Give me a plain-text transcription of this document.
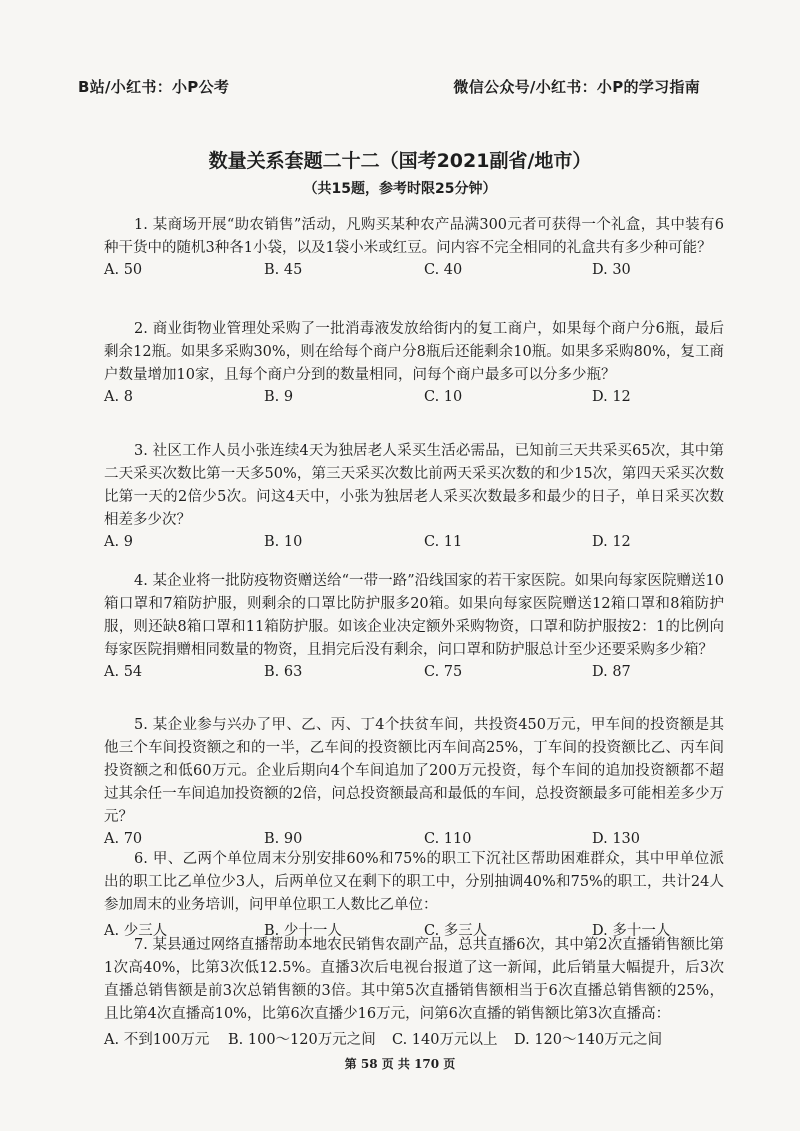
B站/小红书：小P公考	微信公众号/小红书：小P的学习指南
数量关系套题二十二（国考2021副省/地市）
（共15题，参考时限25分钟）

1. 某商场开展“助农销售”活动，凡购买某种农产品满300元者可获得一个礼盒，其中装有6种干货中的随机3种各1小袋，以及1袋小米或红豆。问内容不完全相同的礼盒共有多少种可能？

A. 50	B. 45	C. 40	D. 30

2. 商业街物业管理处采购了一批消毒液发放给街内的复工商户，如果每个商户分6瓶，最后剩余12瓶。如果多采购30%，则在给每个商户分8瓶后还能剩余10瓶。如果多采购80%，复工商户数量增加10家，且每个商户分到的数量相同，问每个商户最多可以分多少瓶？

A. 8	B. 9	C. 10	D. 12

3. 社区工作人员小张连续4天为独居老人采买生活必需品，已知前三天共采买65次，其中第二天采买次数比第一天多50%，第三天采买次数比前两天采买次数的和少15次，第四天采买次数比第一天的2倍少5次。问这4天中，小张为独居老人采买次数最多和最少的日子，单日采买次数相差多少次？

A. 9	B. 10	C. 11	D. 12

4. 某企业将一批防疫物资赠送给“一带一路”沿线国家的若干家医院。如果向每家医院赠送10箱口罩和7箱防护服，则剩余的口罩比防护服多20箱。如果向每家医院赠送12箱口罩和8箱防护服，则还缺8箱口罩和11箱防护服。如该企业决定额外采购物资，口罩和防护服按2：1的比例向每家医院捐赠相同数量的物资，且捐完后没有剩余，问口罩和防护服总计至少还要采购多少箱？

A. 54	B. 63	C. 75	D. 87

5. 某企业参与兴办了甲、乙、丙、丁4个扶贫车间，共投资450万元，甲车间的投资额是其他三个车间投资额之和的一半，乙车间的投资额比丙车间高25%，丁车间的投资额比乙、丙车间投资额之和低60万元。企业后期向4个车间追加了200万元投资，每个车间的追加投资额都不超过其余任一车间追加投资额的2倍，问总投资额最高和最低的车间，总投资额最多可能相差多少万元？

A. 70	B. 90	C. 110	D. 130

6. 甲、乙两个单位周末分别安排60%和75%的职工下沉社区帮助困难群众，其中甲单位派出的职工比乙单位少3人，后两单位又在剩下的职工中，分别抽调40%和75%的职工，共计24人参加周末的业务培训，问甲单位职工人数比乙单位：

A. 少三人	B. 少十一人	C. 多三人	D. 多十一人

7. 某县通过网络直播帮助本地农民销售农副产品，总共直播6次，其中第2次直播销售额比第1次高40%，比第3次低12.5%。直播3次后电视台报道了这一新闻，此后销量大幅提升，后3次直播总销售额是前3次总销售额的3倍。其中第5次直播销售额相当于6次直播总销售额的25%，且比第4次直播高10%，比第6次直播少16万元，问第6次直播的销售额比第3次直播高：

A. 不到100万元 B. 100～120万元之间 C. 140万元以上 D. 120～140万元之间
第 58 页 共 170 页
